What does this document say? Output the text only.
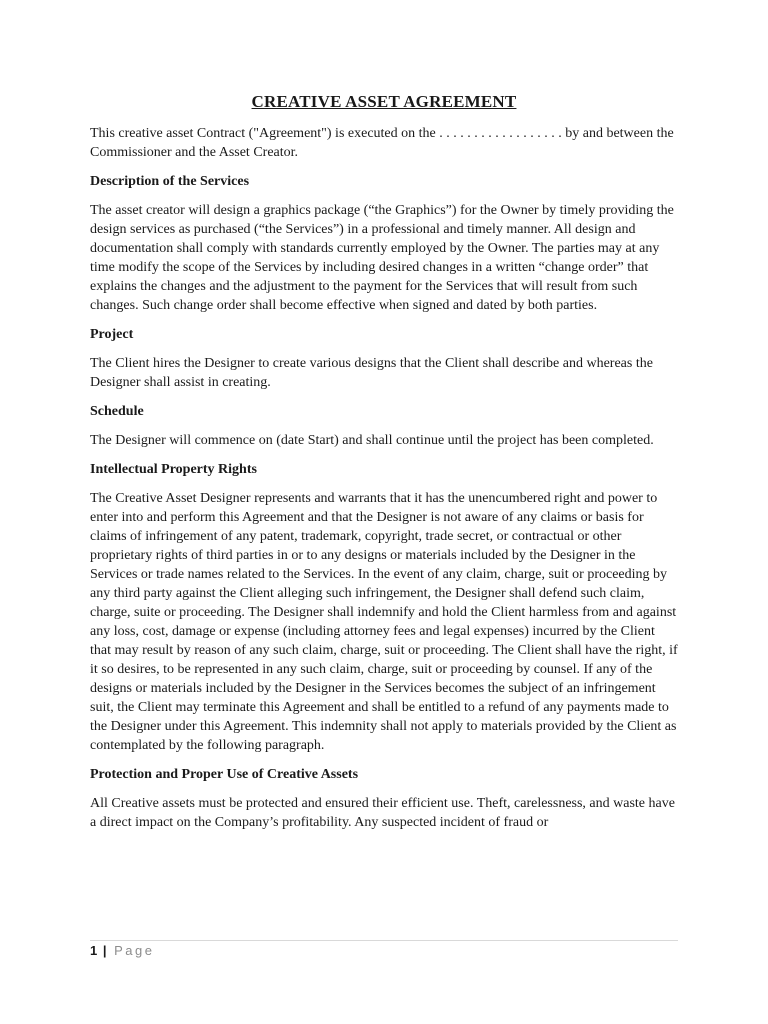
CREATIVE ASSET AGREEMENT

This creative asset Contract ("Agreement") is executed on the . . . . . . . . . . . . . . . . . . by and between the Commissioner and the Asset Creator.

Description of the Services

The asset creator will design a graphics package (“the Graphics”) for the Owner by timely providing the design services as purchased (“the Services”) in a professional and timely manner. All design and documentation shall comply with standards currently employed by the Owner. The parties may at any time modify the scope of the Services by including desired changes in a written “change order” that explains the changes and the adjustment to the payment for the Services that will result from such changes. Such change order shall become effective when signed and dated by both parties.

Project

The Client hires the Designer to create various designs that the Client shall describe and whereas the Designer shall assist in creating.

Schedule

The Designer will commence on (date Start) and shall continue until the project has been completed.

Intellectual Property Rights

The Creative Asset Designer represents and warrants that it has the unencumbered right and power to enter into and perform this Agreement and that the Designer is not aware of any claims or basis for claims of infringement of any patent, trademark, copyright, trade secret, or contractual or other proprietary rights of third parties in or to any designs or materials included by the Designer in the Services or trade names related to the Services. In the event of any claim, charge, suit or proceeding by any third party against the Client alleging such infringement, the Designer shall defend such claim, charge, suite or proceeding. The Designer shall indemnify and hold the Client harmless from and against any loss, cost, damage or expense (including attorney fees and legal expenses) incurred by the Client that may result by reason of any such claim, charge, suit or proceeding. The Client shall have the right, if it so desires, to be represented in any such claim, charge, suit or proceeding by counsel. If any of the designs or materials included by the Designer in the Services becomes the subject of an infringement suit, the Client may terminate this Agreement and shall be entitled to a refund of any payments made to the Designer under this Agreement. This indemnity shall not apply to materials provided by the Client as contemplated by the following paragraph.

Protection and Proper Use of Creative Assets

All Creative assets must be protected and ensured their efficient use. Theft, carelessness, and waste have a direct impact on the Company’s profitability. Any suspected incident of fraud or

1 | Page
